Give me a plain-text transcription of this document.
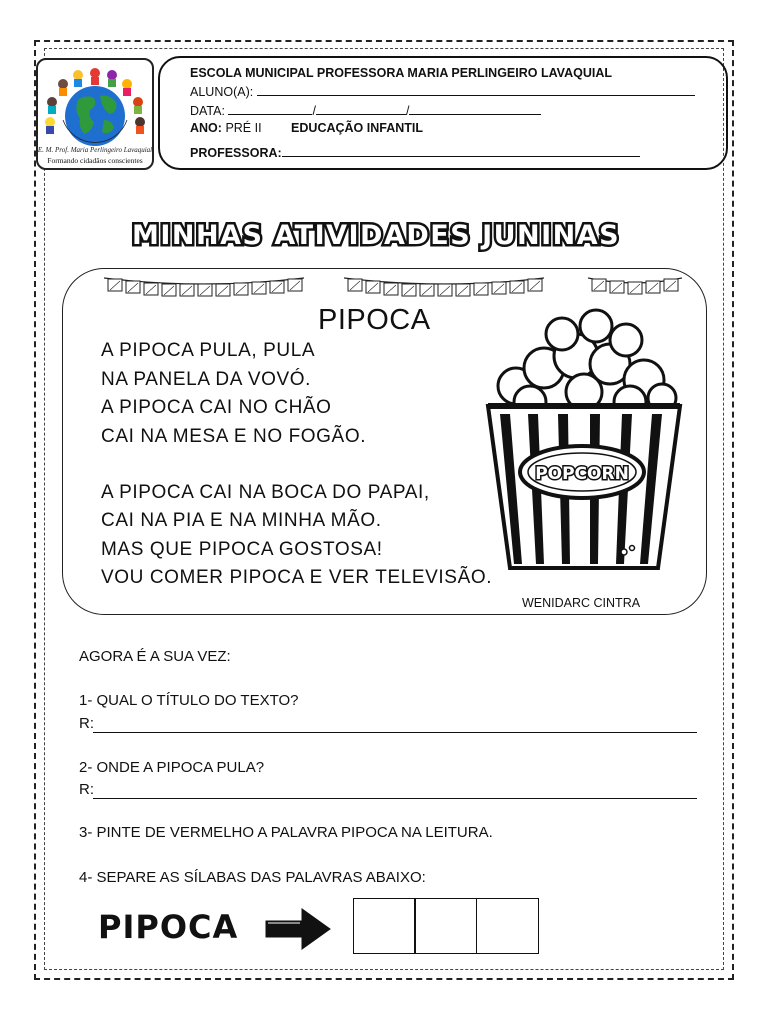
E. M. Prof. Maria Perlingeiro Lavaquial
Formando cidadãos conscientes
ESCOLA MUNICIPAL PROFESSORA MARIA PERLINGEIRO LAVAQUIAL
ALUNO(A):
DATA:	/	/
ANO: PRÉ II EDUCAÇÃO INFANTIL
PROFESSORA:
MINHAS ATIVIDADES JUNINAS
PIPOCA
A PIPOCA PULA, PULA
NA PANELA DA VOVÓ.
A PIPOCA CAI NO CHÃO
CAI NA MESA E NO FOGÃO.
A PIPOCA CAI NA BOCA DO PAPAI,
CAI NA PIA E NA MINHA MÃO.
MAS QUE PIPOCA GOSTOSA!
VOU COMER PIPOCA E VER TELEVISÃO.
POPCORN
WENIDARC CINTRA
AGORA É A SUA VEZ:
1- QUAL O TÍTULO DO TEXTO?
R:
2- ONDE A PIPOCA PULA?
R:
3- PINTE DE VERMELHO A PALAVRA PIPOCA NA LEITURA.
4- SEPARE AS SÍLABAS DAS PALAVRAS ABAIXO:
PIPOCA
